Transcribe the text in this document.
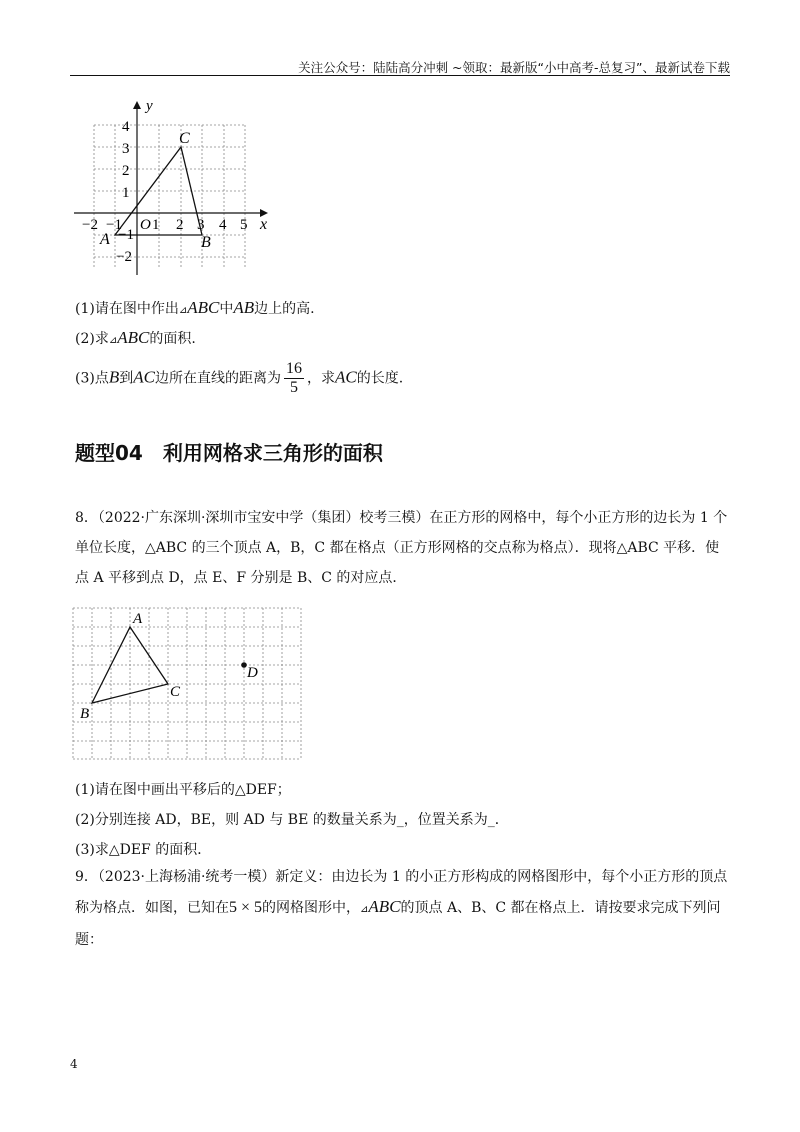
关注公众号：陆陆高分冲刺 ~领取：最新版“小中高考-总复习”、最新试卷下载
y
x
−2 −1 O 1 2 3 4 5
4
3
2
1
−1
−2
A	B
C
(1)请在图中作出⊿ABC中AB边上的高.
(2)求⊿ABC的面积.
(3)点B到AC边所在直线的距离为 $\frac{16}{5}$ ，求AC的长度.
题型04　利用网格求三角形的面积
8．（2022·广东深圳·深圳市宝安中学（集团）校考三模）在正方形的网格中，每个小正方形的边长为 1 个单位长度，△ABC 的三个顶点 A，B，C 都在格点（正方形网格的交点称为格点）．现将△ABC 平移．使点 A 平移到点 D，点 E、F 分别是 B、C 的对应点．
A
B
C
D
(1)请在图中画出平移后的△DEF；
(2)分别连接 AD，BE，则 AD 与 BE 的数量关系为_，位置关系为_．
(3)求△DEF 的面积．
9．（2023·上海杨浦·统考一模）新定义：由边长为 1 的小正方形构成的网格图形中，每个小正方形的顶点称为格点．如图，已知在5 × 5的网格图形中，⊿ABC的顶点 A、B、C 都在格点上．请按要求完成下列问题：
4
